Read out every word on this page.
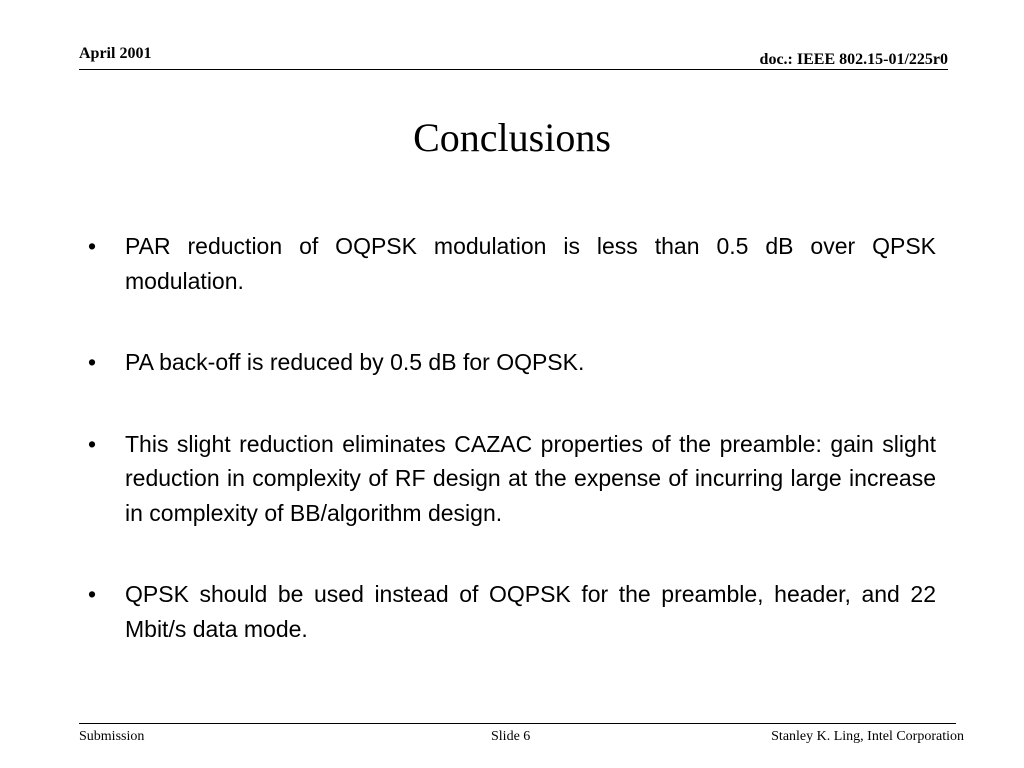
April 2001	doc.: IEEE 802.15-01/225r0
Conclusions
• PAR reduction of OQPSK modulation is less than 0.5 dB over QPSK modulation.
• PA back-off is reduced by 0.5 dB for OQPSK.
• This slight reduction eliminates CAZAC properties of the preamble: gain slight reduction in complexity of RF design at the expense of incurring large increase in complexity of BB/algorithm design.
• QPSK should be used instead of OQPSK for the preamble, header, and 22 Mbit/s data mode.
Submission	Slide 6	Stanley K. Ling, Intel Corporation
